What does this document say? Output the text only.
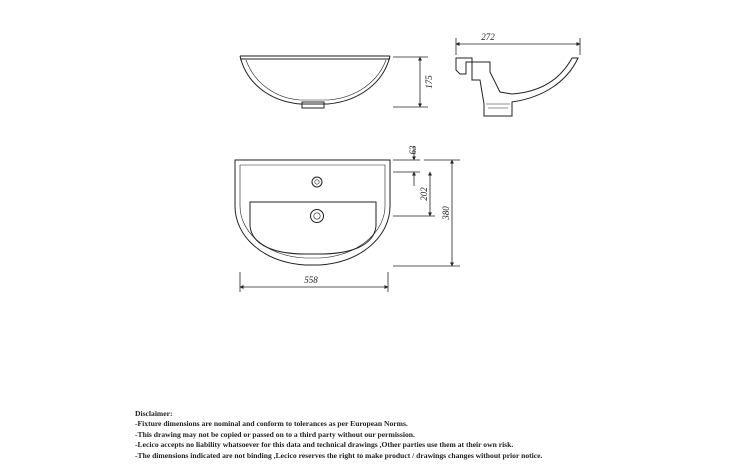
175
272
558
63
202
380
Disclaimer:
-Fixture dimensions are nominal and conform to tolerances as per European Norms.
-This drawing may not be copied or passed on to a third party without our permission.
-Lecico accepts no liability whatsoever for this data and technical drawings ,Other parties use them at their own risk.
-The dimensions indicated are not binding ,Lecico reserves the right to make product / drawings changes without prior notice.
